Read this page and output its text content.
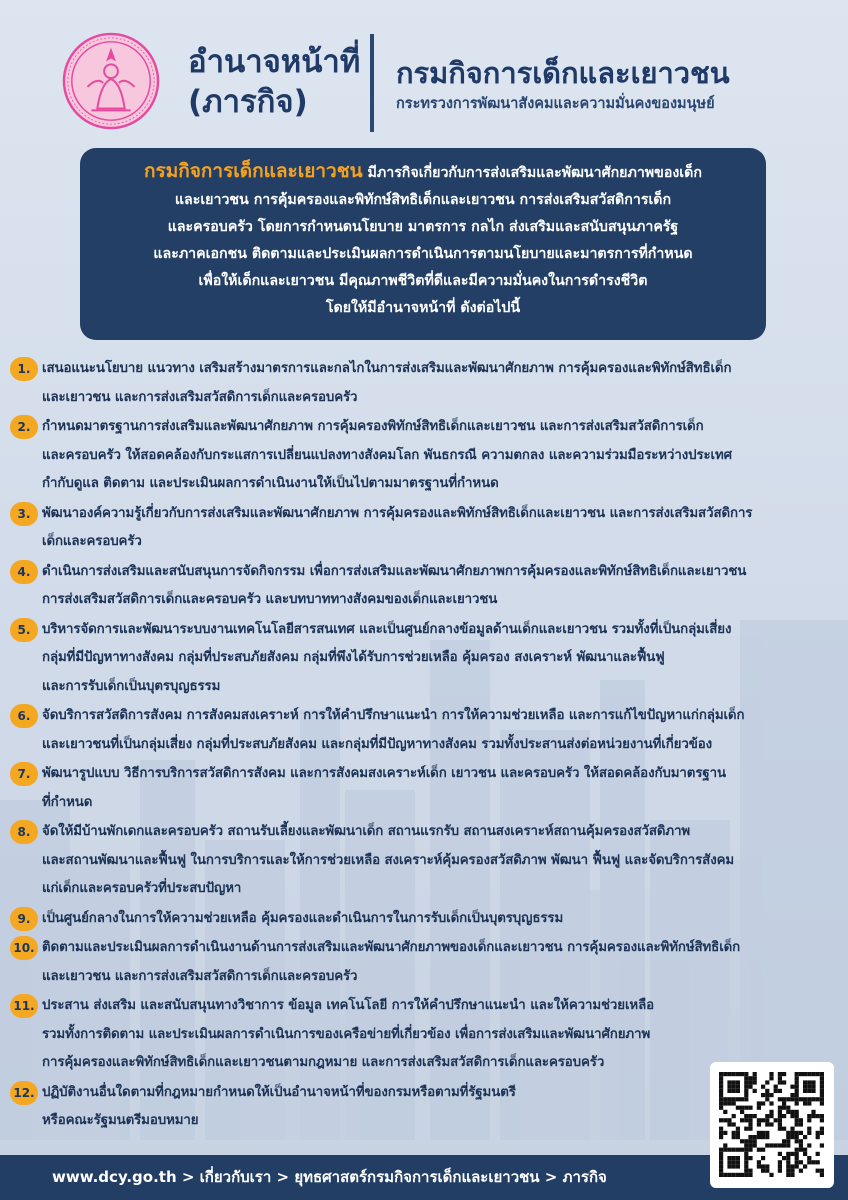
อำนาจหน้าที่
(ภารกิจ)
กรมกิจการเด็กและเยาวชน
กระทรวงการพัฒนาสังคมและความมั่นคงของมนุษย์
กรมกิจการเด็กและเยาวชน มีภารกิจเกี่ยวกับการส่งเสริมและพัฒนาศักยภาพของเด็ก
และเยาวชน การคุ้มครองและพิทักษ์สิทธิเด็กและเยาวชน การส่งเสริมสวัสดิการเด็ก
และครอบครัว โดยการกำหนดนโยบาย มาตรการ กลไก ส่งเสริมและสนับสนุนภาครัฐ
และภาคเอกชน ติดตามและประเมินผลการดำเนินการตามนโยบายและมาตรการที่กำหนด
เพื่อให้เด็กและเยาวชน มีคุณภาพชีวิตที่ดีและมีความมั่นคงในการดำรงชีวิต
โดยให้มีอำนาจหน้าที่ ดังต่อไปนี้
1. เสนอแนะนโยบาย แนวทาง เสริมสร้างมาตรการและกลไกในการส่งเสริมและพัฒนาศักยภาพ การคุ้มครองและพิทักษ์สิทธิเด็ก
และเยาวชน และการส่งเสริมสวัสดิการเด็กและครอบครัว
2. กำหนดมาตรฐานการส่งเสริมและพัฒนาศักยภาพ การคุ้มครองพิทักษ์สิทธิเด็กและเยาวชน และการส่งเสริมสวัสดิการเด็ก
และครอบครัว ให้สอดคล้องกับกระแสการเปลี่ยนแปลงทางสังคมโลก พันธกรณี ความตกลง และความร่วมมือระหว่างประเทศ
กำกับดูแล ติดตาม และประเมินผลการดำเนินงานให้เป็นไปตามมาตรฐานที่กำหนด
3. พัฒนาองค์ความรู้เกี่ยวกับการส่งเสริมและพัฒนาศักยภาพ การคุ้มครองและพิทักษ์สิทธิเด็กและเยาวชน และการส่งเสริมสวัสดิการ
เด็กและครอบครัว
4. ดำเนินการส่งเสริมและสนับสนุนการจัดกิจกรรม เพื่อการส่งเสริมและพัฒนาศักยภาพการคุ้มครองและพิทักษ์สิทธิเด็กและเยาวชน
การส่งเสริมสวัสดิการเด็กและครอบครัว และบทบาททางสังคมของเด็กและเยาวชน
5. บริหารจัดการและพัฒนาระบบงานเทคโนโลยีสารสนเทศ และเป็นศูนย์กลางข้อมูลด้านเด็กและเยาวชน รวมทั้งที่เป็นกลุ่มเสี่ยง
กลุ่มที่มีปัญหาทางสังคม กลุ่มที่ประสบภัยสังคม กลุ่มที่พึงได้รับการช่วยเหลือ คุ้มครอง สงเคราะห์ พัฒนาและฟื้นฟู
และการรับเด็กเป็นบุตรบุญธรรม
6. จัดบริการสวัสดิการสังคม การสังคมสงเคราะห์ การให้คำปรึกษาแนะนำ การให้ความช่วยเหลือ และการแก้ไขปัญหาแก่กลุ่มเด็ก
และเยาวชนที่เป็นกลุ่มเสี่ยง กลุ่มที่ประสบภัยสังคม และกลุ่มที่มีปัญหาทางสังคม รวมทั้งประสานส่งต่อหน่วยงานที่เกี่ยวข้อง
7. พัฒนารูปแบบ วิธีการบริการสวัสดิการสังคม และการสังคมสงเคราะห์เด็ก เยาวชน และครอบครัว ให้สอดคล้องกับมาตรฐาน
ที่กำหนด
8. จัดให้มีบ้านพักเดกและครอบครัว สถานรับเลี้ยงและพัฒนาเด็ก สถานแรกรับ สถานสงเคราะห์สถานคุ้มครองสวัสดิภาพ
และสถานพัฒนาและฟื้นฟู ในการบริการและให้การช่วยเหลือ สงเคราะห์คุ้มครองสวัสดิภาพ พัฒนา ฟื้นฟู และจัดบริการสังคม
แก่เด็กและครอบครัวที่ประสบปัญหา
9. เป็นศูนย์กลางในการให้ความช่วยเหลือ คุ้มครองและดำเนินการในการรับเด็กเป็นบุตรบุญธรรม
10. ติดตามและประเมินผลการดำเนินงานด้านการส่งเสริมและพัฒนาศักยภาพของเด็กและเยาวชน การคุ้มครองและพิทักษ์สิทธิเด็ก
และเยาวชน และการส่งเสริมสวัสดิการเด็กและครอบครัว
11. ประสาน ส่งเสริม และสนับสนุนทางวิชาการ ข้อมูล เทคโนโลยี การให้คำปรึกษาแนะนำ และให้ความช่วยเหลือ
รวมทั้งการติดตาม และประเมินผลการดำเนินการของเครือข่ายที่เกี่ยวข้อง เพื่อการส่งเสริมและพัฒนาศักยภาพ
การคุ้มครองและพิทักษ์สิทธิเด็กและเยาวชนตามกฎหมาย และการส่งเสริมสวัสดิการเด็กและครอบครัว
12. ปฏิบัติงานอื่นใดตามที่กฎหมายกำหนดให้เป็นอำนาจหน้าที่ของกรมหรือตามที่รัฐมนตรี
หรือคณะรัฐมนตรีมอบหมาย
www.dcy.go.th > เกี่ยวกับเรา > ยุทธศาสตร์กรมกิจการเด็กและเยาวชน > ภารกิจ
